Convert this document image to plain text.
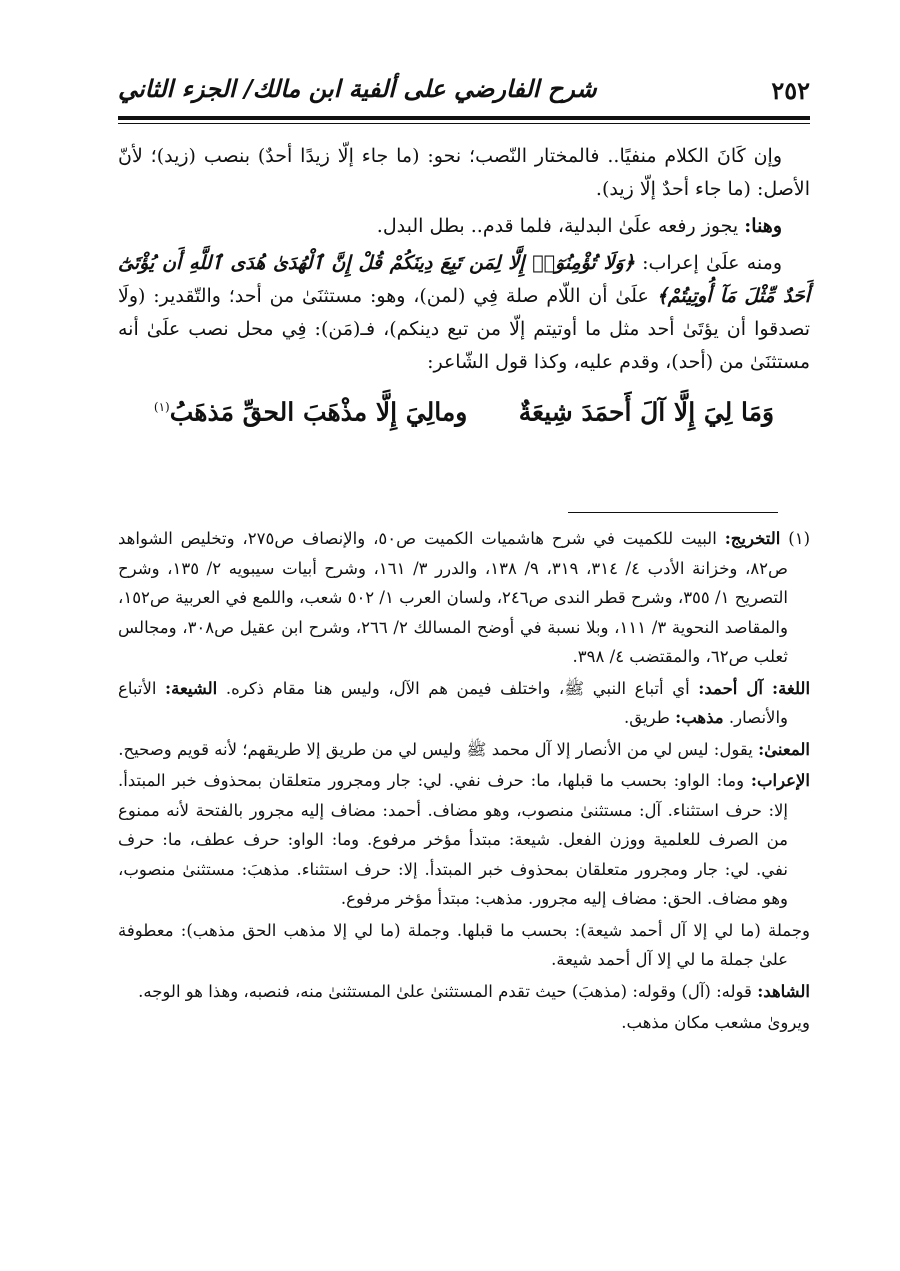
٢٥٢
شرح الفارضي على ألفية ابن مالك/ الجزء الثاني

وإن كَانَ الكلام منفيًا.. فالمختار النّصب؛ نحو: (ما جاء إلّا زيدًا أحدٌ) بنصب (زيد)؛ لأنّ الأصل: (ما جاء أحدٌ إلّا زيد).

وهنا: يجوز رفعه علَىٰ البدلية، فلما قدم.. بطل البدل.

ومنه علَىٰ إعراب: ﴿وَلَا تُؤْمِنُوٓا۟ إِلَّا لِمَن تَبِعَ دِينَكُمْ قُلْ إِنَّ ٱلْهُدَىٰ هُدَى ٱللَّهِ أَن يُؤْتَىٰٓ أَحَدٌ مِّثْلَ مَآ أُوتِيتُمْ﴾ علَىٰ أن اللّام صلة فِي (لمن)، وهو: مستثنَىٰ من أحد؛ والتّقدير: (ولَا تصدقوا أن يؤتَىٰ أحد مثل ما أوتيتم إلّا من تبع دينكم)، فـ(مَن): فِي محل نصب علَىٰ أنه مستثنَىٰ من (أحد)، وقدم عليه، وكذا قول الشّاعر:

وَمَا لِيَ إِلَّا آلَ أَحمَدَ شِيعَةٌ  ومالِيَ إِلَّا مذْهَبَ الحقِّ مَذهَبُ$^{(١)}$

(١) التخريج: البيت للكميت في شرح هاشميات الكميت ص٥٠، والإنصاف ص٢٧٥، وتخليص الشواهد ص٨٢، وخزانة الأدب ٤/ ٣١٤، ٣١٩، ٩/ ١٣٨، والدرر ٣/ ١٦١، وشرح أبيات سيبويه ٢/ ١٣٥، وشرح التصريح ١/ ٣٥٥، وشرح قطر الندى ص٢٤٦، ولسان العرب ١/ ٥٠٢ شعب، واللمع في العربية ص١٥٢، والمقاصد النحوية ٣/ ١١١، وبلا نسبة في أوضح المسالك ٢/ ٢٦٦، وشرح ابن عقيل ص٣٠٨، ومجالس ثعلب ص٦٢، والمقتضب ٤/ ٣٩٨.

اللغة: آل أحمد: أي أتباع النبي ﷺ، واختلف فيمن هم الآل، وليس هنا مقام ذكره. الشيعة: الأتباع والأنصار. مذهب: طريق.

المعنىٰ: يقول: ليس لي من الأنصار إلا آل محمد ﷺ وليس لي من طريق إلا طريقهم؛ لأنه قويم وصحيح.

الإعراب: وما: الواو: بحسب ما قبلها، ما: حرف نفي. لي: جار ومجرور متعلقان بمحذوف خبر المبتدأ. إلا: حرف استثناء. آل: مستثنىٰ منصوب، وهو مضاف. أحمد: مضاف إليه مجرور بالفتحة لأنه ممنوع من الصرف للعلمية ووزن الفعل. شيعة: مبتدأ مؤخر مرفوع. وما: الواو: حرف عطف، ما: حرف نفي. لي: جار ومجرور متعلقان بمحذوف خبر المبتدأ. إلا: حرف استثناء. مذهبَ: مستثنىٰ منصوب، وهو مضاف. الحق: مضاف إليه مجرور. مذهب: مبتدأ مؤخر مرفوع.

وجملة (ما لي إلا آل أحمد شيعة): بحسب ما قبلها. وجملة (ما لي إلا مذهب الحق مذهب): معطوفة علىٰ جملة ما لي إلا آل أحمد شيعة.

الشاهد: قوله: (آل) وقوله: (مذهبَ) حيث تقدم المستثنىٰ علىٰ المستثنىٰ منه، فنصبه، وهذا هو الوجه.

ويروىٰ مشعب مكان مذهب.
